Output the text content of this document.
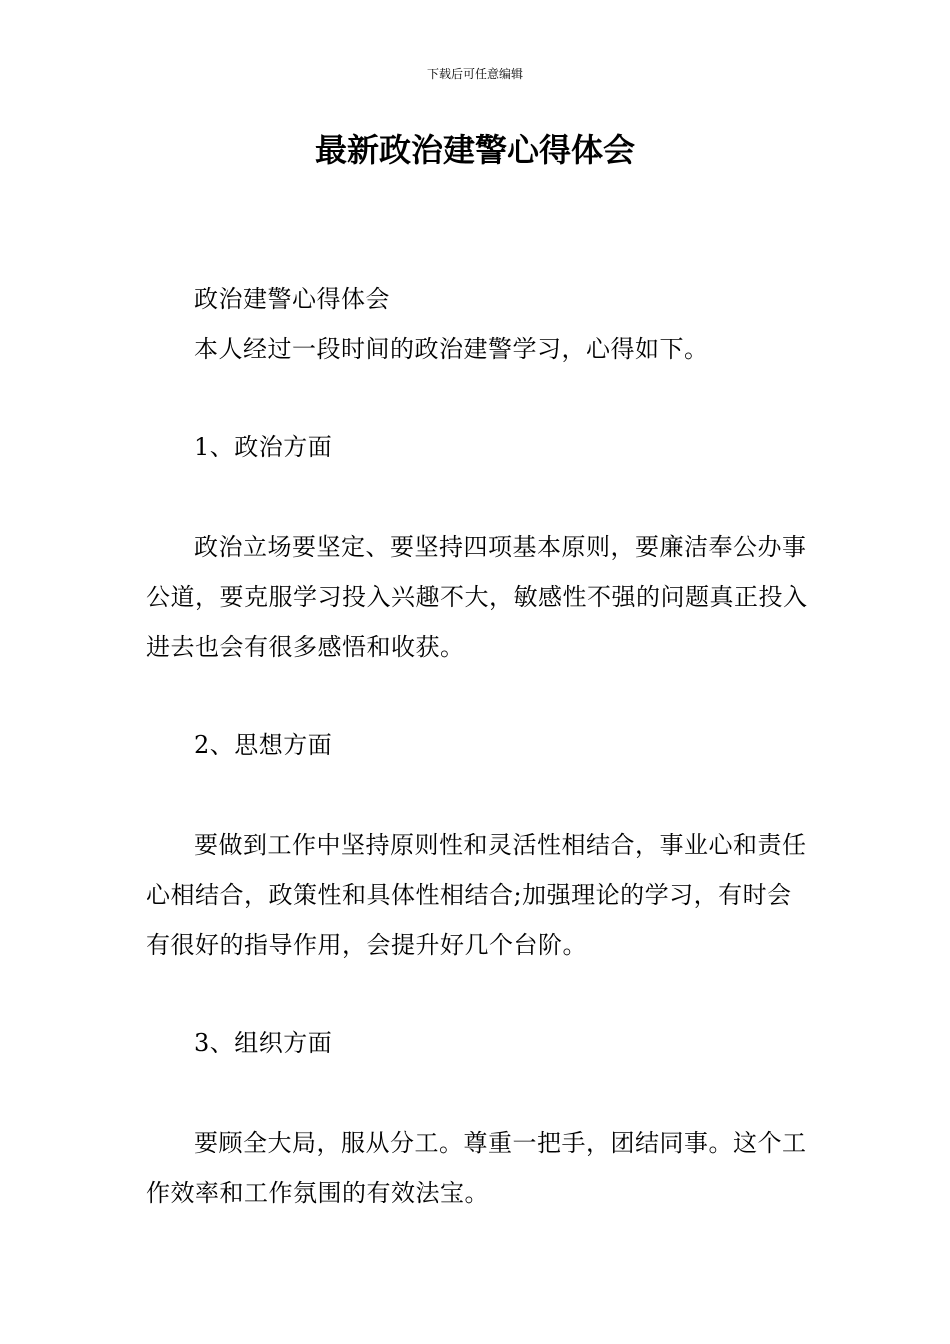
下载后可任意编辑
最新政治建警心得体会

政治建警心得体会

本人经过一段时间的政治建警学习，心得如下。

1、政治方面

政治立场要坚定、要坚持四项基本原则，要廉洁奉公办事公道，要克服学习投入兴趣不大，敏感性不强的问题真正投入进去也会有很多感悟和收获。

2、思想方面

要做到工作中坚持原则性和灵活性相结合，事业心和责任心相结合，政策性和具体性相结合;加强理论的学习，有时会有很好的指导作用，会提升好几个台阶。

3、组织方面

要顾全大局，服从分工。尊重一把手，团结同事。这个工作效率和工作氛围的有效法宝。
